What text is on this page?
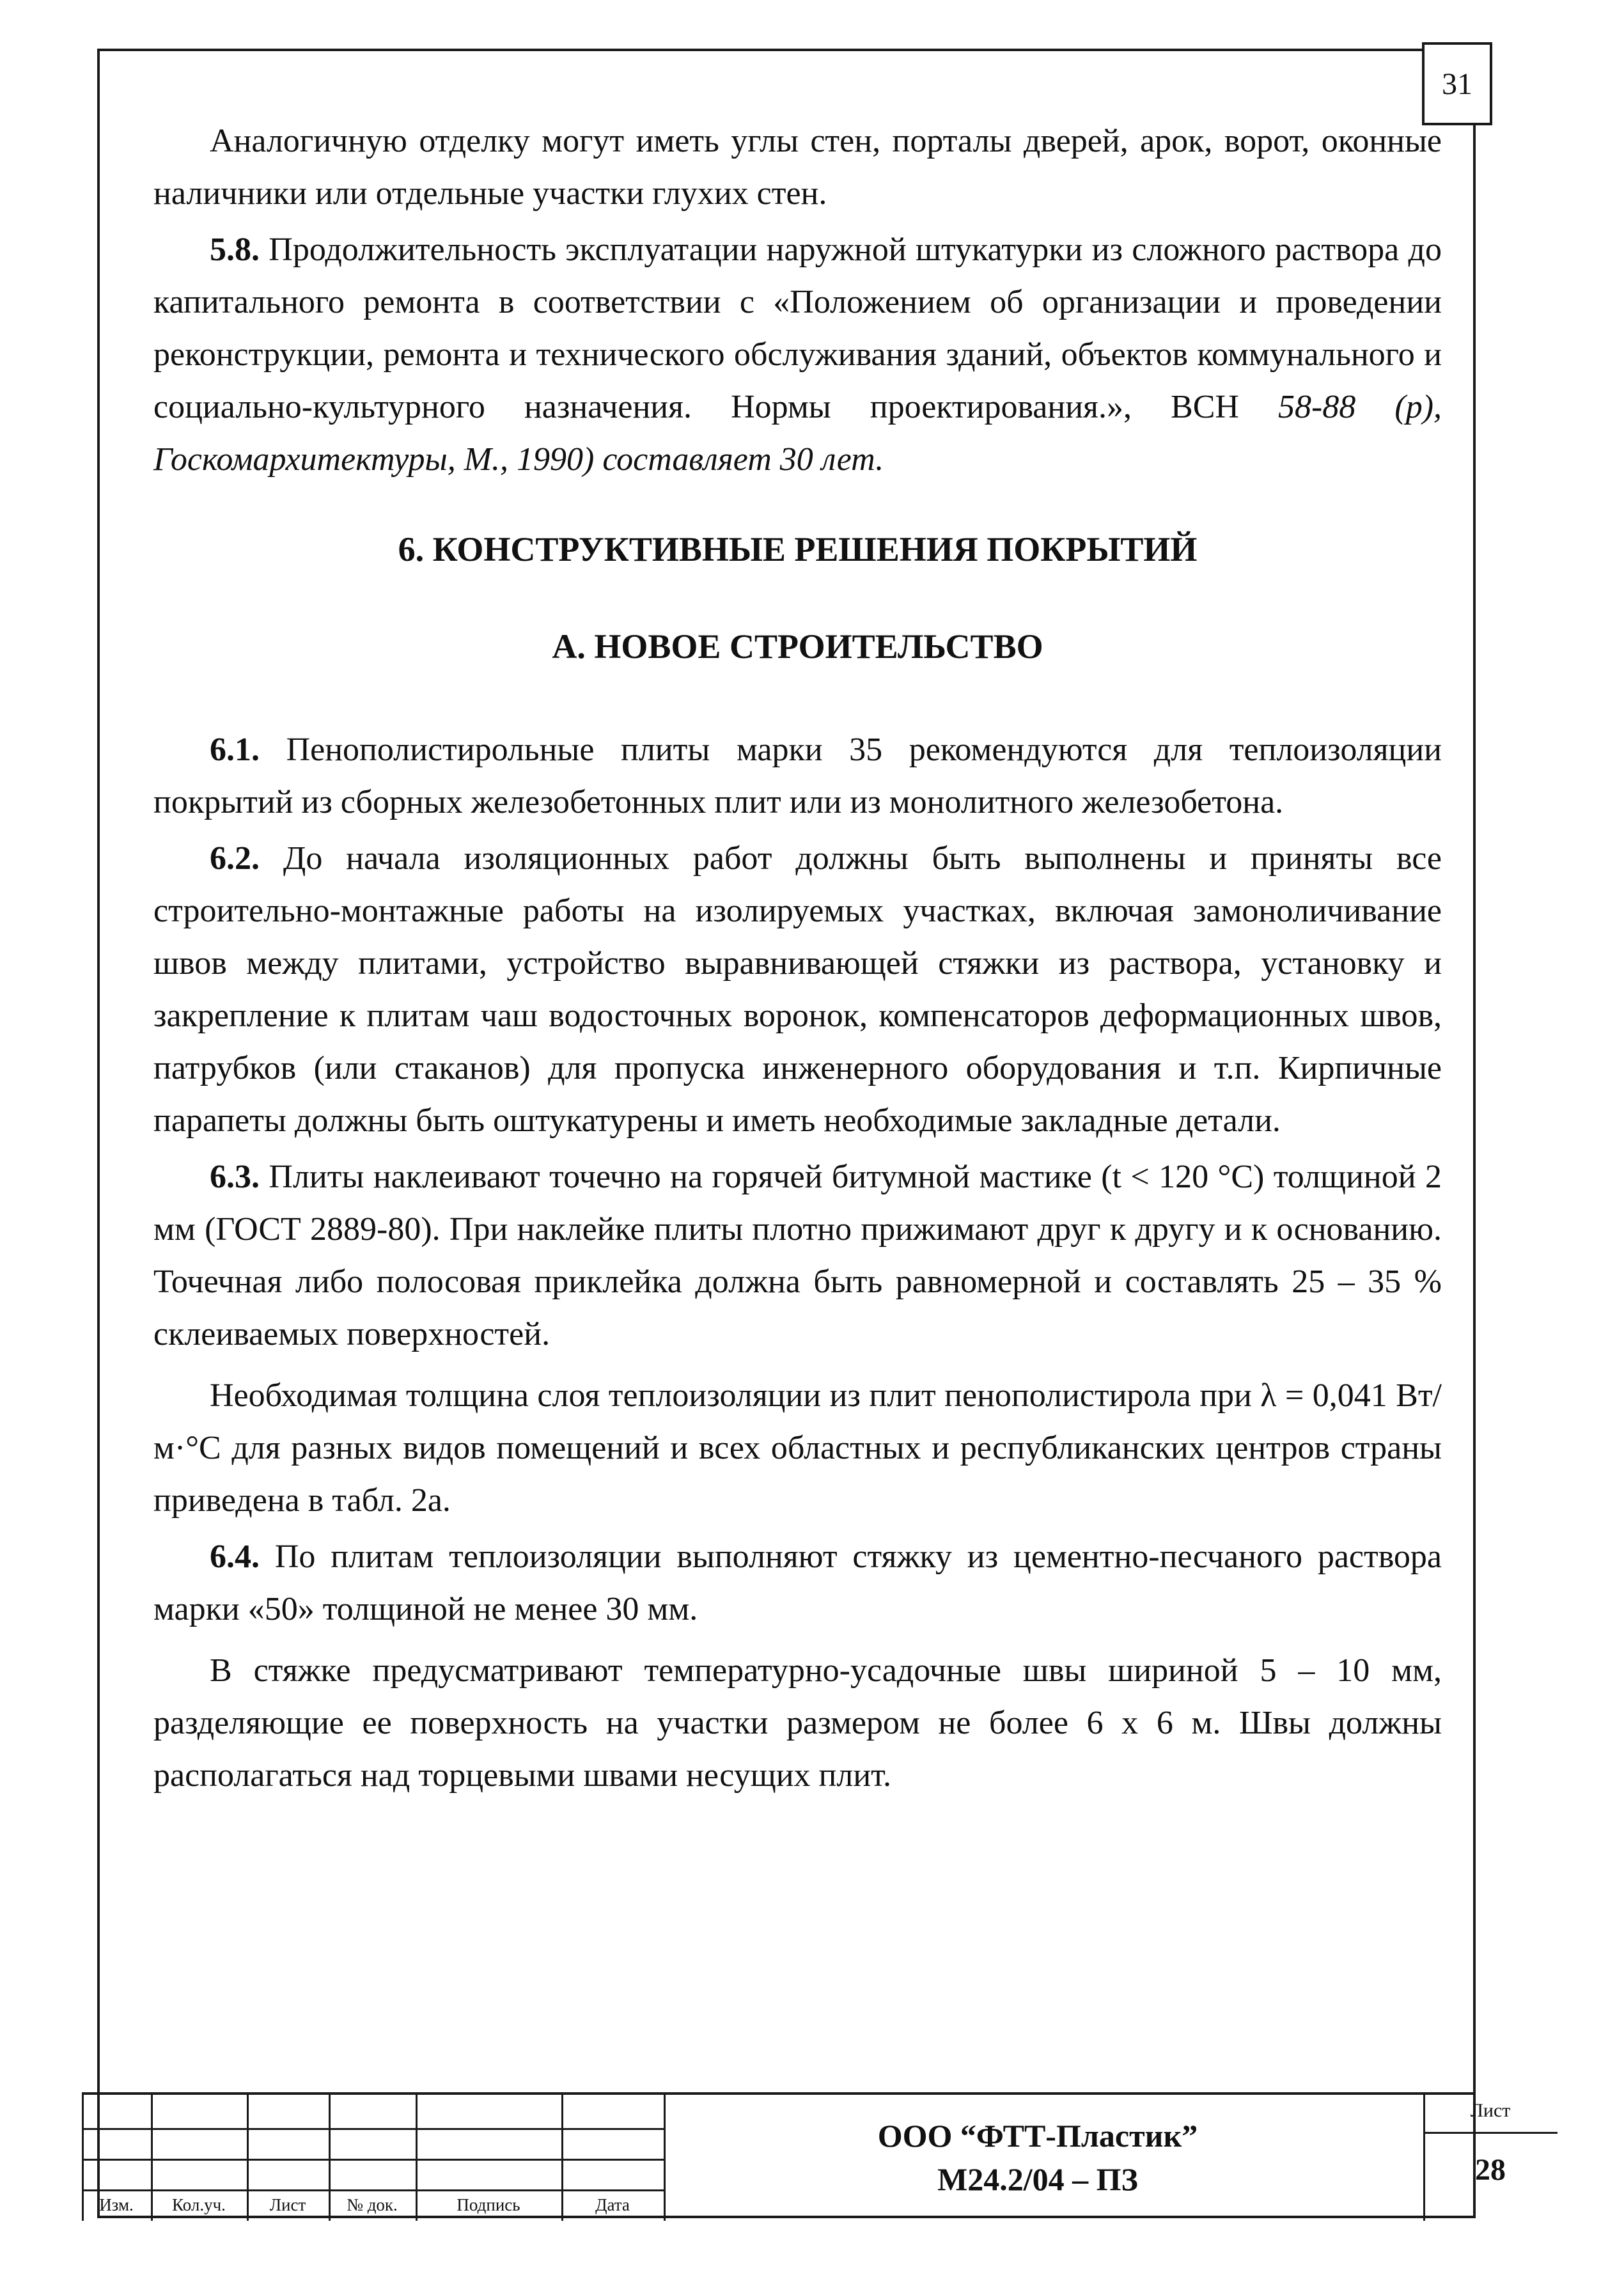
31

Аналогичную отделку могут иметь углы стен, порталы дверей, арок, ворот, оконные наличники или отдельные участки глухих стен.

5.8. Продолжительность эксплуатации наружной штукатурки из сложного раствора до капитального ремонта в соответствии с «Положением об организации и проведении реконструкции, ремонта и технического обслуживания зданий, объектов коммунального и социально-культурного назначения. Нормы проектирования.», ВСН 58-88 (р), Госкомархитектуры, М., 1990) составляет 30 лет.

6. КОНСТРУКТИВНЫЕ РЕШЕНИЯ ПОКРЫТИЙ
А. НОВОЕ СТРОИТЕЛЬСТВО

6.1. Пенополистирольные плиты марки 35 рекомендуются для теплоизоляции покрытий из сборных железобетонных плит или из монолитного железобетона.

6.2. До начала изоляционных работ должны быть выполнены и приняты все строительно-монтажные работы на изолируемых участках, включая замоноличивание швов между плитами, устройство выравнивающей стяжки из раствора, установку и закрепление к плитам чаш водосточных воронок, компенсаторов деформационных швов, патрубков (или стаканов) для пропуска инженерного оборудования и т.п. Кирпичные парапеты должны быть оштукатурены и иметь необходимые закладные детали.

6.3. Плиты наклеивают точечно на горячей битумной мастике (t < 120 °С) толщиной 2 мм (ГОСТ 2889-80). При наклейке плиты плотно прижимают друг к другу и к основанию. Точечная либо полосовая приклейка должна быть равномерной и составлять 25 – 35 % склеиваемых поверхностей.

Необходимая толщина слоя теплоизоляции из плит пенополистирола при λ = 0,041 Вт/м·°С для разных видов помещений и всех областных и республиканских центров страны приведена в табл. 2а.

6.4. По плитам теплоизоляции выполняют стяжку из цементно-песчаного раствора марки «50» толщиной не менее 30 мм.

В стяжке предусматривают температурно-усадочные швы шириной 5 – 10 мм, разделяющие ее поверхность на участки размером не более 6 х 6 м. Швы должны располагаться над торцевыми швами несущих плит.

Изм.	Кол.уч.	Лист	№ док.	Подпись	Дата
ООО “ФТТ-Пластик”
М24.2/04 – ПЗ
Лист
28
